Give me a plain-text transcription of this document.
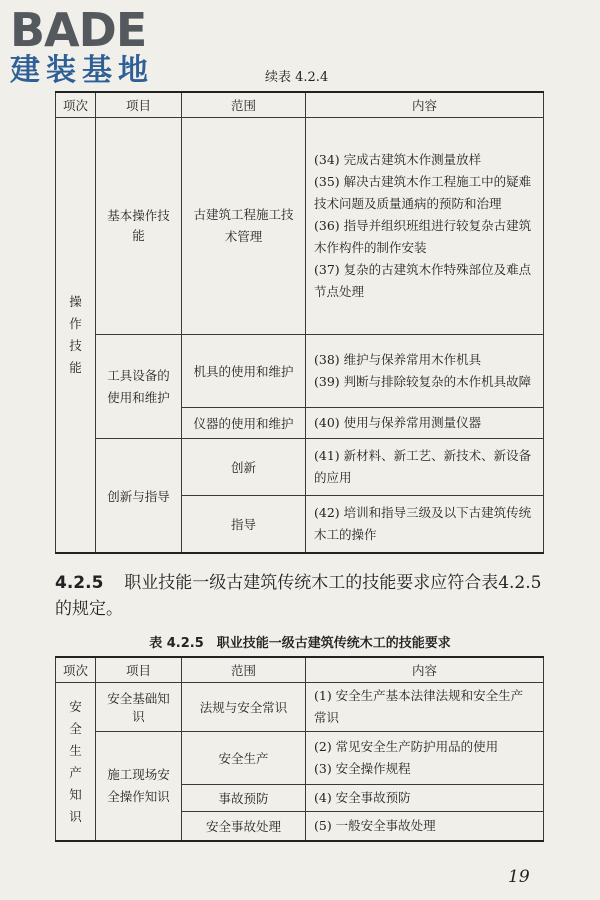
BADE
建装基地	续表 4.2.4
项次	项目	范围	内容
操作技能	基本操作技能	古建筑工程施工技术管理	(34) 完成古建筑木作测量放样
(35) 解决古建筑木作工程施工中的疑难技术问题及质量通病的预防和治理
(36) 指导并组织班组进行较复杂古建筑木作构件的制作安装
(37) 复杂的古建筑木作特殊部位及难点节点处理

	工具设备的使用和维护	机具的使用和维护	(38) 维护与保养常用木作机具
(39) 判断与排除较复杂的木作机具故障

		仪器的使用和维护	(40) 使用与保养常用测量仪器

	创新与指导	创新	(41) 新材料、新工艺、新技术、新设备的应用

		指导	(42) 培训和指导三级及以下古建筑传统木工的操作
4.2.5 职业技能一级古建筑传统木工的技能要求应符合表4.2.5的规定。
表 4.2.5　职业技能一级古建筑传统木工的技能要求
项次	项目	范围	内容
安全生产知识	安全基础知识	法规与安全常识	(1) 安全生产基本法律法规和安全生产常识

	施工现场安全操作知识	安全生产	(2) 常见安全生产防护用品的使用
(3) 安全操作规程

		事故预防	(4) 安全事故预防

		安全事故处理	(5) 一般安全事故处理
19
